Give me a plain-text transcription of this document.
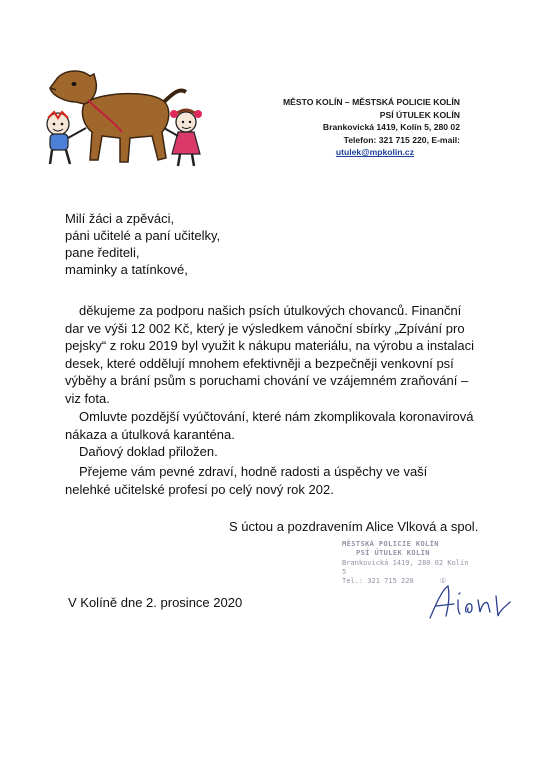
MĚSTO KOLÍN – MĚSTSKÁ POLICIE KOLÍN
PSÍ ÚTULEK KOLÍN
Brankovická 1419, Kolín 5, 280 02
Telefon: 321 715 220, E-mail:
utulek@mpkolin.cz
Milí žáci a zpěváci,
páni učitelé a paní učitelky,
pane řediteli,
maminky a tatínkové,
děkujeme za podporu našich psích útulkových chovanců. Finanční dar ve výši 12 002 Kč, který je výsledkem vánoční sbírky „Zpívání pro pejsky“ z roku 2019 byl využit k nákupu materiálu, na výrobu a instalaci desek, které oddělují mnohem efektivněji a bezpečněji venkovní psí výběhy a brání psům s poruchami chování ve vzájemném zraňování – viz fota.
Omluvte pozdější vyúčtování, které nám zkomplikovala koronavirová nákaza a útulková karanténa.
Daňový doklad přiložen.
Přejeme vám pevné zdraví, hodně radosti a úspěchy ve vaší nelehké učitelské profesi po celý nový rok 202.
S úctou a pozdravením Alice Vlková a spol.
MĚSTSKÁ POLICIE KOLÍN
PSÍ ÚTULEK KOLÍN
Brankovická 1419, 280 02 Kolín 5
Tel.: 321 715 220	①
V Kolíně dne 2. prosince 2020
